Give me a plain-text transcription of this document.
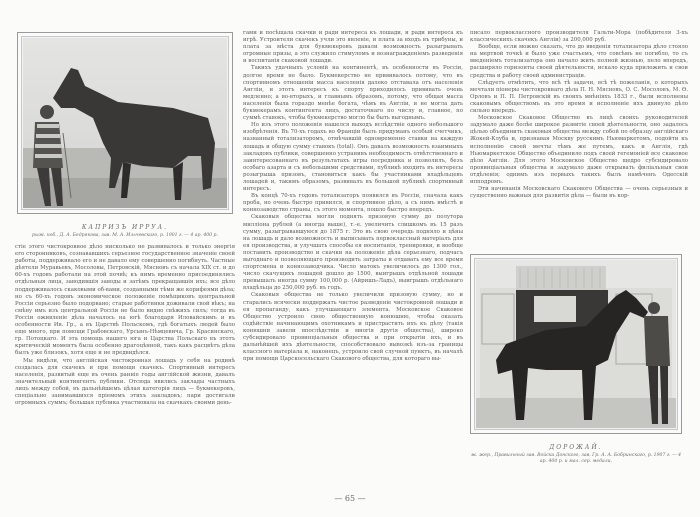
КАПРИЗЪ ИРРУА.
рыж. коб., Д. А. Бедрякова, зав. М. А. Ильчевскаго, р. 1901 г. — 4 ар. 400 р.

стіе этого чистокровное дѣло нисколько не развивалось и только энергія его сторонниковъ, сознававшихъ серьезное государственное значеніе своей работы, поддерживало его и не давало ему совершенно погибнуть. Частные дѣятели Муравьевъ, Мосоловы, Петровскій, Мясновъ съ начала XIX ст. и до 60-хъ годовъ работали на этой почвѣ; къ нимъ временно присоединялись отдѣльныя лица, заводившія заводы и затѣмъ прекращавшія ихъ; все дѣло поддерживалось скаковыми об-вами, созданными тѣми же корифеями дѣла; но съ 60-хъ годовъ экономическое положеніе помѣщиковъ центральной Россіи серьезно было подорвано; старые работники доживали свой вѣкъ; на смѣну имъ изъ центральной Россіи не было видно свѣжихъ силъ; тогда въ Россіи оживленіе дѣла началось на югѣ благодаря Иловайскимъ и въ особенности Ив. Гр., а въ Царствѣ Польскомъ, гдѣ богатыхъ людей было еще много, при помощи Грабовскаго, Урсынъ-Нѣмцевича, Гр. Красинскаго, гр. Потоцкаго. И эта помощь нашего юга и Царства Польскаго въ этотъ критическій моментъ была особенно драгоцѣнной, такъ какъ расцвѣтъ дѣла былъ уже близокъ, хотя еще и не предвидѣлся.

Мы видѣли, что англійская чистокровная лошадь у себя на родинѣ создалась для скачекъ и при помощи скачекъ. Спортивный интересъ населенія, развитый еще въ очень ранніе годы англійской жизни, давалъ значительный контингентъ публики. Отсюда явились заклады частныхъ лицъ между собой, въ дальнѣйшемъ цѣлая категорія лицъ — букмекеровъ, спеціально занимавшихся пріемомъ этихъ закладовъ; пари достигали огромныхъ суммъ; большая публика участвовала на скачкахъ своими день-

гами и посѣщала скачки и ради интереса къ лошади, и ради интереса къ игрѣ. Устроители скачекъ учли это явленіе, и плата за входъ въ трибуны, и плата за мѣста для букмекеровъ давали возможность разыгрывать огромные призы, а это служило стимуломъ и вознагражденіемъ разведенія и воспитанія скаковой лошади.

Такихъ удачныхъ условій на континентѣ, въ особенности въ Россіи, долгое время не было. Букмекерство не прививалось потому, что въ спортивномъ отношеніи масса населенія далеко отставала отъ населенія Англіи, и этотъ интересъ къ спорту приходилось прививать очень медленно; а во-вторыхъ, и главнымъ образомъ, потому, что общая масса населенія была гораздо менѣе богата, чѣмъ въ Англіи, и не могла дать букмекерамъ контингента лицъ, достаточнаго по числу и, главное, по суммѣ ставокъ, чтобы букмекерство могло бы быть выгоднымъ.

Но изъ этого положенія нашелся выходъ вслѣдствіе одного небольшого изобрѣтенія. Въ 70-хъ годахъ во Франціи былъ придуманъ особый счетчикъ, названный тотализаторомъ, отмѣчавшій одновременно ставки на каждую лошадь и общую сумму ставокъ (total). Онъ давалъ возможность взаимныхъ закладовъ публики, совершенно устранивъ необходимость отвѣтственнаго и заинтересованнаго въ результатахъ игры посредника и позволилъ, безъ особаго азарта и съ небольшими средствами, публикѣ входить въ интересы розыгрыша призовъ, становиться какъ бы участниками владѣльцевъ лошадей и, такимъ образомъ, развивалъ въ большой публикѣ спортивный интересъ.

Въ концѣ 70-хъ годовъ тотализаторъ появился въ Россіи, сначала какъ проба, но очень быстро привился, и спортивное дѣло, а съ нимъ вмѣстѣ и коннозаводство страны, съ этого момента, пошло быстро впередъ.

Скаковыя общества могли поднять призовую сумму до полутора милліона рублей (а иногда выше), т.-е. увеличить слишкомъ въ 15 разъ сумму, разыгрывавшуюся до 1875 г. Это въ свою очередь подняло и цѣны на лошадь и дало возможность и выписывать первоклассный матеріалъ для ея производства, и улучшать способы ея воспитанія, тренировки, и вообще поставить производство и скачки на положеніе дѣла серьезнаго, подчасъ выгоднаго и позволяющаго производить затраты и отдавать ему все время спортсмена и коннозаводчика. Число матокъ увеличилось до 1300 гол., число скачущихъ лошадей дошло до 1500, выигрышъ отдѣльной лошади превышалъ иногда сумму 100,000 р. (Айришъ-Ладъ), выигрышъ отдѣльнаго владѣльца до 250,000 руб. въ годъ.

Скаковыя общества не только увеличили призовую сумму, но и старались всячески поддержать чистое разведеніе чистокровной лошади и ея пропаганду, какъ улучшающаго элемента. Московское Скаковое Общество устроило свою общественную конюшню, чтобы оказать содѣйствіе начинающимъ охотникамъ и пристрастить ихъ къ дѣлу (такія конюшни завели впослѣдствіи и многія другія общества), широко субсидировало провинціальныя общества и при открытіи ихъ, и въ дальнѣйшей ихъ дѣятельности, способствовало вывозкѣ изъ-за границы классного матеріала и, наконецъ, устроило свой случной пунктъ, въ началѣ при помощи Царскосельскаго Скакового общества, для котораго вы-

писало первоклассного производителя Гальти-Мора (побѣдителя 3-хъ классическихъ скачекъ Англіи) за 200,000 руб.

Вообще, если можно сказать, что до введенія тотализатора дѣло стояло на мертвой точкѣ и было уже счастьемъ, что совсѣмъ не погибло, то съ введеніемъ тотализатора оно начало жить полной жизнью, пело впередъ, расширяло горизонты своей дѣятельности, искало куда приложить и свои средства и работу своей администраціи.

Слѣдуетъ отмѣтить, что всѣ тѣ задачи, всѣ тѣ пожеланія, о которыхъ мечтали піонеры чистокровнаго дѣла П. Н. Мясновъ, О. С. Мосоловъ, М. Ө. Орловъ и П. П. Петровскій въ своихъ мнѣніяхъ 1833 г., были исполнены скаковымъ обществомъ въ это время и исполненіе ихъ двинуло дѣло сильно впередъ.

Московское Скаковое Общество въ лицѣ своихъ руководителей задумало даже болѣе широкое развитіе своей дѣятельности, оно задалось цѣлью объединить скаковыя общества между собой по образцу англійскаго Жокей-Клуба и, признавая Москву русскимъ Ньюмаркетомъ, подойти къ исполненію своей мечты тѣмъ же путемъ, какъ и Англія, гдѣ Ньюмаркетское Общество объединило подъ своей гегемоніей все скаковое дѣло Англіи. Для этого Московское Общество щедро субсидировало провинціальныя общества и задумало даже открывать филіальныя свои отдѣленія; однимъ изъ первыхъ такихъ былъ намѣченъ Одесскій ипподромъ.

Эти начинанія Московскаго Скакового Общества — очень серьезныя и существенно важныя для развитія дѣла — были въ кор-

ДОРОЖАЙ.
ж. жер., Правильный зав. Войска Донского, зав. Гр. А. А. Бобринскаго, р. 1907 г. — 4 ар. 400 р. и мал. сер. медали.
— 65 —
